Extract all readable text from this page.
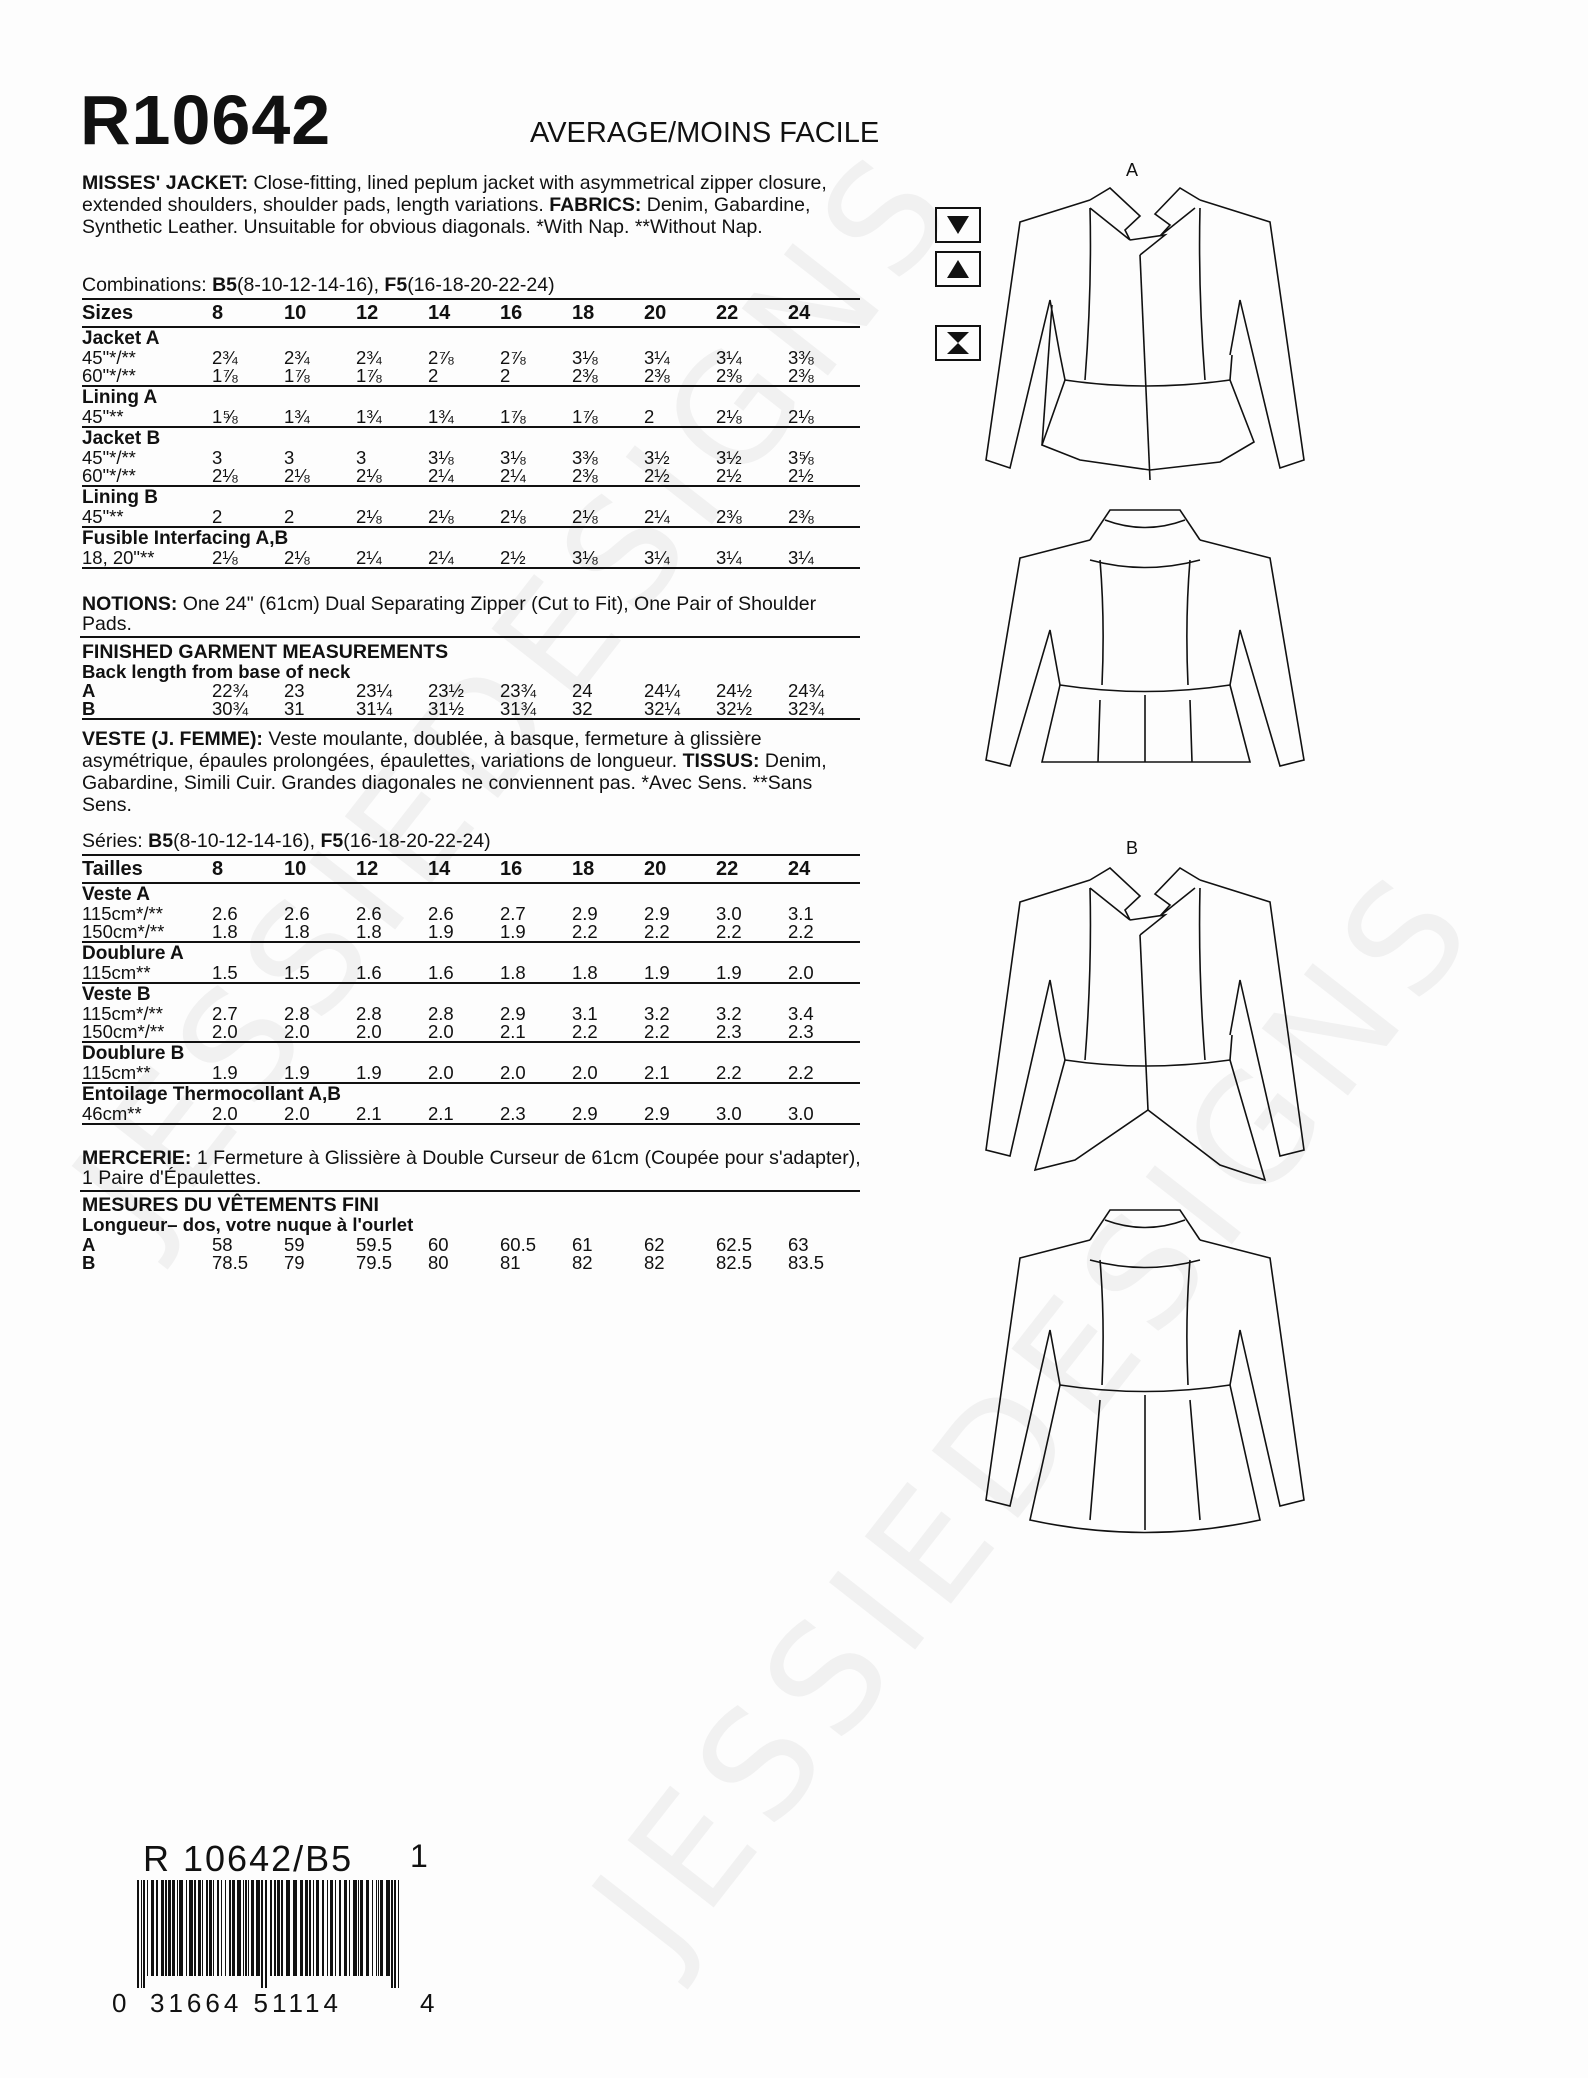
R10642	AVERAGE/MOINS FACILE
MISSES' JACKET: Close-fitting, lined peplum jacket with asymmetrical zipper closure, extended shoulders, shoulder pads, length variations. FABRICS: Denim, Gabardine, Synthetic Leather. Unsuitable for obvious diagonals. *With Nap. **Without Nap.
Combinations: B5(8-10-12-14-16), F5(16-18-20-22-24)
Sizes	8	10	12	14	16	18	20	22	24
Jacket A									
45"*/**	2¾	2¾	2¾	2⅞	2⅞	3⅛	3¼	3¼	3⅜
60"*/**	1⅞	1⅞	1⅞	2	2	2⅜	2⅜	2⅜	2⅜
Lining A									
45"**	1⅝	1¾	1¾	1¾	1⅞	1⅞	2	2⅛	2⅛
Jacket B									
45"*/**	3	3	3	3⅛	3⅛	3⅜	3½	3½	3⅝
60"*/**	2⅛	2⅛	2⅛	2¼	2¼	2⅜	2½	2½	2½
Lining B									
45"**	2	2	2⅛	2⅛	2⅛	2⅛	2¼	2⅜	2⅜
Fusible Interfacing A,B									
18, 20"**	2⅛	2⅛	2¼	2¼	2½	3⅛	3¼	3¼	3¼
NOTIONS: One 24" (61cm) Dual Separating Zipper (Cut to Fit), One Pair of Shoulder Pads.
FINISHED GARMENT MEASUREMENTS
Back length from base of neck
A	22¾	23	23¼	23½	23¾	24	24¼	24½	24¾
B	30¾	31	31¼	31½	31¾	32	32¼	32½	32¾
VESTE (J. FEMME): Veste moulante, doublée, à basque, fermeture à glissière asymétrique, épaules prolongées, épaulettes, variations de longueur. TISSUS: Denim, Gabardine, Simili Cuir. Grandes diagonales ne conviennent pas. *Avec Sens. **Sans Sens.
Séries: B5(8-10-12-14-16), F5(16-18-20-22-24)
Tailles	8	10	12	14	16	18	20	22	24
Veste A									
115cm*/**	2.6	2.6	2.6	2.6	2.7	2.9	2.9	3.0	3.1
150cm*/**	1.8	1.8	1.8	1.9	1.9	2.2	2.2	2.2	2.2
Doublure A									
115cm**	1.5	1.5	1.6	1.6	1.8	1.8	1.9	1.9	2.0
Veste B									
115cm*/**	2.7	2.8	2.8	2.8	2.9	3.1	3.2	3.2	3.4
150cm*/**	2.0	2.0	2.0	2.0	2.1	2.2	2.2	2.3	2.3
Doublure B									
115cm**	1.9	1.9	1.9	2.0	2.0	2.0	2.1	2.2	2.2
Entoilage Thermocollant A,B									
46cm**	2.0	2.0	2.1	2.1	2.3	2.9	2.9	3.0	3.0
MERCERIE: 1 Fermeture à Glissière à Double Curseur de 61cm (Coupée pour s'adapter), 1 Paire d'Épaulettes.
MESURES DU VÊTEMENTS FINI
Longueur– dos, votre nuque à l'ourlet
A	58	59	59.5	60	60.5	61	62	62.5	63
B	78.5	79	79.5	80	81	82	82	82.5	83.5
A
B
R 10642/B5 1
0 31664 51114	4
